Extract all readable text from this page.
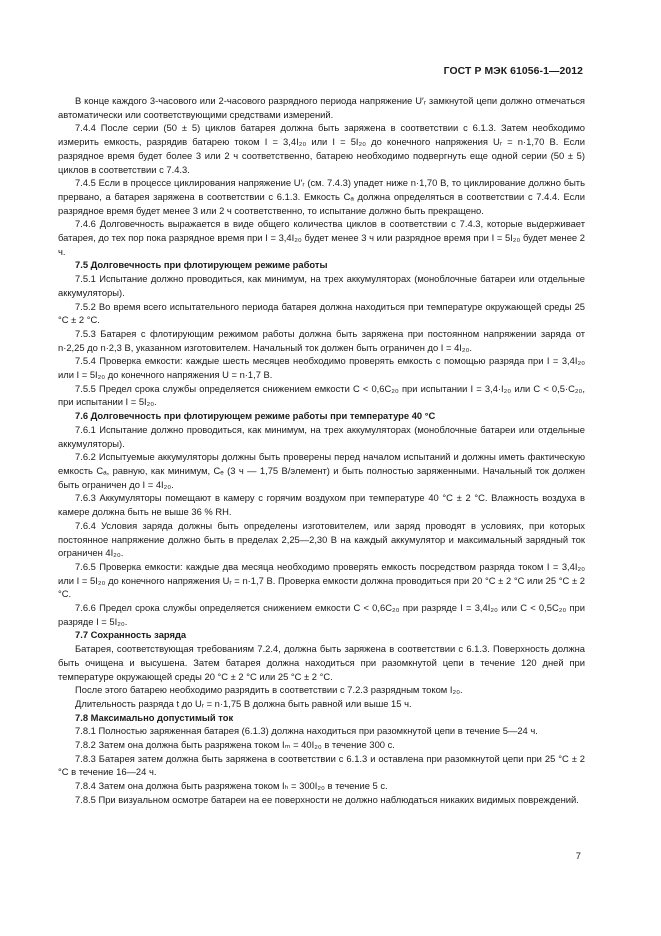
ГОСТ Р МЭК 61056-1—2012

В конце каждого 3-часового или 2-часового разрядного периода напряжение U′ᵣ замкнутой цепи должно отмечаться автоматически или соответствующими средствами измерений.

7.4.4 После серии (50 ± 5) циклов батарея должна быть заряжена в соответствии с 6.1.3. Затем необходимо измерить емкость, разрядив батарею током I = 3,4I₂₀ или I = 5I₂₀ до конечного напряжения Uᵣ = n·1,70 В. Если разрядное время будет более 3 или 2 ч соответственно, батарею необходимо подвергнуть еще одной серии (50 ± 5) циклов в соответствии с 7.4.3.

7.4.5 Если в процессе циклирования напряжение U′ᵣ (см. 7.4.3) упадет ниже n·1,70 В, то циклирование должно быть прервано, а батарея заряжена в соответствии с 6.1.3. Емкость Cₐ должна определяться в соответствии с 7.4.4. Если разрядное время будет менее 3 или 2 ч соответственно, то испытание должно быть прекращено.

7.4.6 Долговечность выражается в виде общего количества циклов в соответствии с 7.4.3, которые выдерживает батарея, до тех пор пока разрядное время при I = 3,4I₂₀ будет менее 3 ч или разрядное время при I = 5I₂₀ будет менее 2 ч.

7.5 Долговечность при флотирующем режиме работы

7.5.1 Испытание должно проводиться, как минимум, на трех аккумуляторах (моноблочные батареи или отдельные аккумуляторы).

7.5.2 Во время всего испытательного периода батарея должна находиться при температуре окружающей среды 25 °C ± 2 °C.

7.5.3 Батарея с флотирующим режимом работы должна быть заряжена при постоянном напряжении заряда от n·2,25 до n·2,3 В, указанном изготовителем. Начальный ток должен быть ограничен до I = 4I₂₀.

7.5.4 Проверка емкости: каждые шесть месяцев необходимо проверять емкость с помощью разряда при I = 3,4I₂₀ или I = 5I₂₀ до конечного напряжения U = n·1,7 В.

7.5.5 Предел срока службы определяется снижением емкости C < 0,6C₂₀ при испытании I = 3,4·I₂₀ или C < 0,5·C₂₀, при испытании I = 5I₂₀.

7.6 Долговечность при флотирующем режиме работы при температуре 40 °C

7.6.1 Испытание должно проводиться, как минимум, на трех аккумуляторах (моноблочные батареи или отдельные аккумуляторы).

7.6.2 Испытуемые аккумуляторы должны быть проверены перед началом испытаний и должны иметь фактическую емкость Cₐ, равную, как минимум, Cₑ (3 ч — 1,75 В/элемент) и быть полностью заряженными. Начальный ток должен быть ограничен до I = 4I₂₀.

7.6.3 Аккумуляторы помещают в камеру с горячим воздухом при температуре 40 °C ± 2 °C. Влажность воздуха в камере должна быть не выше 36 % RH.

7.6.4 Условия заряда должны быть определены изготовителем, или заряд проводят в условиях, при которых постоянное напряжение должно быть в пределах 2,25—2,30 В на каждый аккумулятор и максимальный зарядный ток ограничен 4I₂₀.

7.6.5 Проверка емкости: каждые два месяца необходимо проверять емкость посредством разряда током I = 3,4I₂₀ или I = 5I₂₀ до конечного напряжения Uᵣ = n·1,7 В. Проверка емкости должна проводиться при 20 °C ± 2 °C или 25 °C ± 2 °C.

7.6.6 Предел срока службы определяется снижением емкости C < 0,6C₂₀ при разряде I = 3,4I₂₀ или C < 0,5C₂₀ при разряде I = 5I₂₀.

7.7 Сохранность заряда

Батарея, соответствующая требованиям 7.2.4, должна быть заряжена в соответствии с 6.1.3. Поверхность должна быть очищена и высушена. Затем батарея должна находиться при разомкнутой цепи в течение 120 дней при температуре окружающей среды 20 °C ± 2 °C или 25 °C ± 2 °C.

После этого батарею необходимо разрядить в соответствии с 7.2.3 разрядным током I₂₀.

Длительность разряда t до Uᵣ = n·1,75 В должна быть равной или выше 15 ч.

7.8 Максимально допустимый ток

7.8.1 Полностью заряженная батарея (6.1.3) должна находиться при разомкнутой цепи в течение 5—24 ч.

7.8.2 Затем она должна быть разряжена током Iₘ = 40I₂₀ в течение 300 с.

7.8.3 Батарея затем должна быть заряжена в соответствии с 6.1.3 и оставлена при разомкнутой цепи при 25 °C ± 2 °C в течение 16—24 ч.

7.8.4 Затем она должна быть разряжена током Iₕ = 300I₂₀ в течение 5 с.

7.8.5 При визуальном осмотре батареи на ее поверхности не должно наблюдаться никаких видимых повреждений.

7
